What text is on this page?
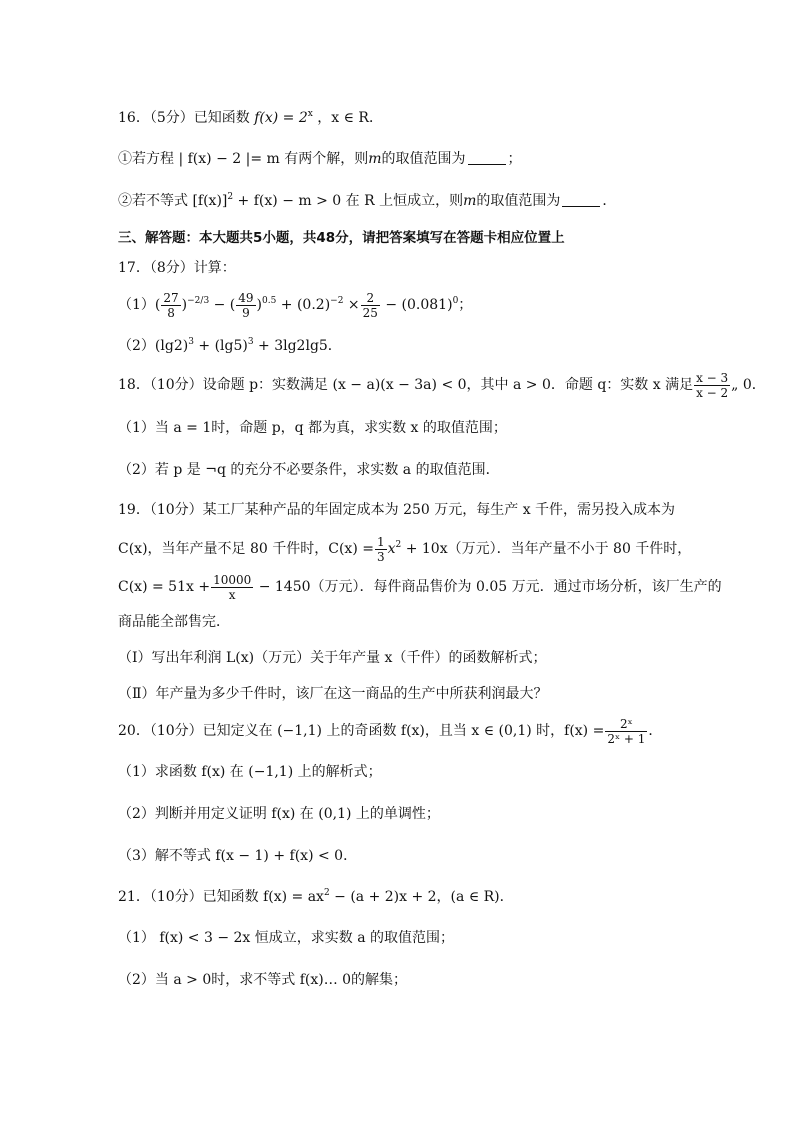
16．（5分）已知函数 $f(x) = 2^x$ ，x ∈ R．
①若方程 | f(x) − 2 |= m 有两个解，则m的取值范围为	；
②若不等式 $[f(x)]^2 + f(x) - m > 0$ 在 R 上恒成立，则m的取值范围为	．
三、解答题：本大题共5小题，共48分，请把答案填写在答题卡相应位置上
17．（8分）计算：
$(1)( \frac{27}{8} )^{-2/3}$ − ( $\frac{49}{9} )^{0.5} + (0.2)^{-2} \times \frac{2}{25} - (0.081)^0$；
$(2)(\lg 2)^3 + (\lg 5)^3 + 3\lg 2\lg 5$．
18．（10分）设命题 p：实数满足 (x − a)(x − 3a) < 0，其中 a > 0．命题 q：实数 x 满足 $\frac{x - 3}{x - 2}$ „ 0．
（1）当 a = 1时，命题 p，q 都为真，求实数 x 的取值范围；
（2）若 p 是 ¬q 的充分不必要条件，求实数 a 的取值范围．
19．（10分）某工厂某种产品的年固定成本为 250 万元，每生产 x 千件，需另投入成本为
C(x)，当年产量不足 80 千件时，$C(x) = \frac{1}{3} x^2 + 10x$（万元）．当年产量不小于 80 千件时，
$C(x) = 51x + \frac{10000}{x} - 1450$（万元）．每件商品售价为 0.05 万元．通过市场分析，该厂生产的
商品能全部售完．
（Ⅰ）写出年利润 L(x)（万元）关于年产量 x（千件）的函数解析式；
（Ⅱ）年产量为多少千件时，该厂在这一商品的生产中所获利润最大？
20．（10分）已知定义在 (−1,1) 上的奇函数 f(x)，且当 x ∈ (0,1) 时，$f(x) = \frac{\text{2ˣ}}{\text{2ˣ + 1}}$ ．
（1）求函数 f(x) 在 (−1,1) 上的解析式；
（2）判断并用定义证明 f(x) 在 (0,1) 上的单调性；
（3）解不等式 f(x − 1) + f(x) < 0．
21．（10分）已知函数 $f(x) = ax^2 - (a + 2)x + 2$，(a ∈ R)．
（1） f(x) < 3 − 2x 恒成立，求实数 a 的取值范围；
（2）当 a > 0时，求不等式 f(x)… 0的解集；
